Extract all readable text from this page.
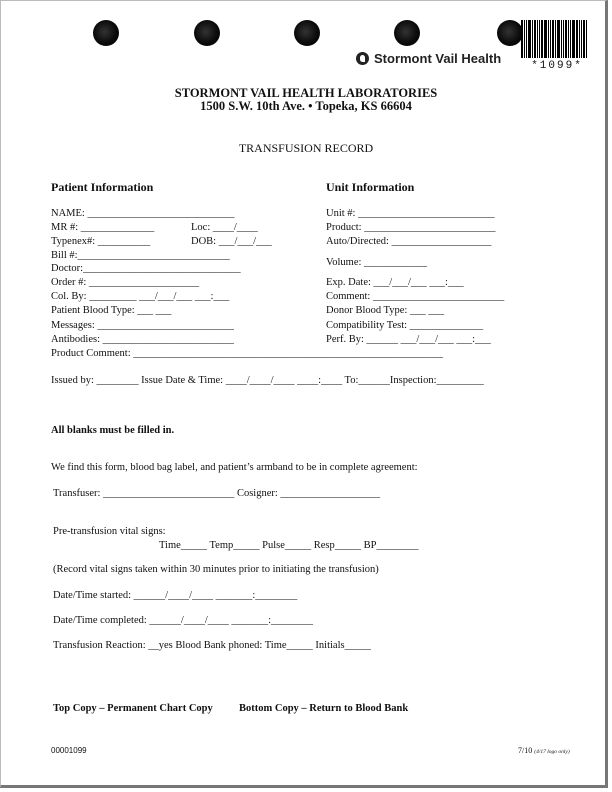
Stormont Vail Health	*1099*
STORMONT VAIL HEALTH LABORATORIES
1500 S.W. 10th Ave. • Topeka, KS 66604
TRANSFUSION RECORD
Patient Information	Unit Information
NAME: ____________________________
MR #: ______________	Loc: ____/____
Typenex#: __________	DOB: ___/___/___
Bill #:_____________________________
Doctor:______________________________
Order #: _____________________
Col. By: _________ ___/___/___ ___:___
Patient Blood Type: ___ ___
Messages: __________________________
Antibodies: _________________________
Product Comment: ___________________________________________________________
Unit #: __________________________
Product: _________________________
Auto/Directed: ___________________
Volume: ____________
Exp. Date: ___/___/___ ___:___
Comment: _________________________
Donor Blood Type: ___ ___
Compatibility Test: ______________
Perf. By: ______ ___/___/___ ___:___
Issued by: ________ Issue Date & Time: ____/____/____ ____:____ To:______Inspection:_________
All blanks must be filled in.
We find this form, blood bag label, and patient’s armband to be in complete agreement:
Transfuser: _________________________ Cosigner: ___________________
Pre-transfusion vital signs:
Time_____ Temp_____ Pulse_____ Resp_____ BP________
(Record vital signs taken within 30 minutes prior to initiating the transfusion)
Date/Time started: ______/____/____ _______:________
Date/Time completed: ______/____/____ _______:________
Transfusion Reaction: __yes Blood Bank phoned: Time_____ Initials_____
Top Copy – Permanent Chart Copy	Bottom Copy – Return to Blood Bank
00001099	7/10 (4/17 logo only)
